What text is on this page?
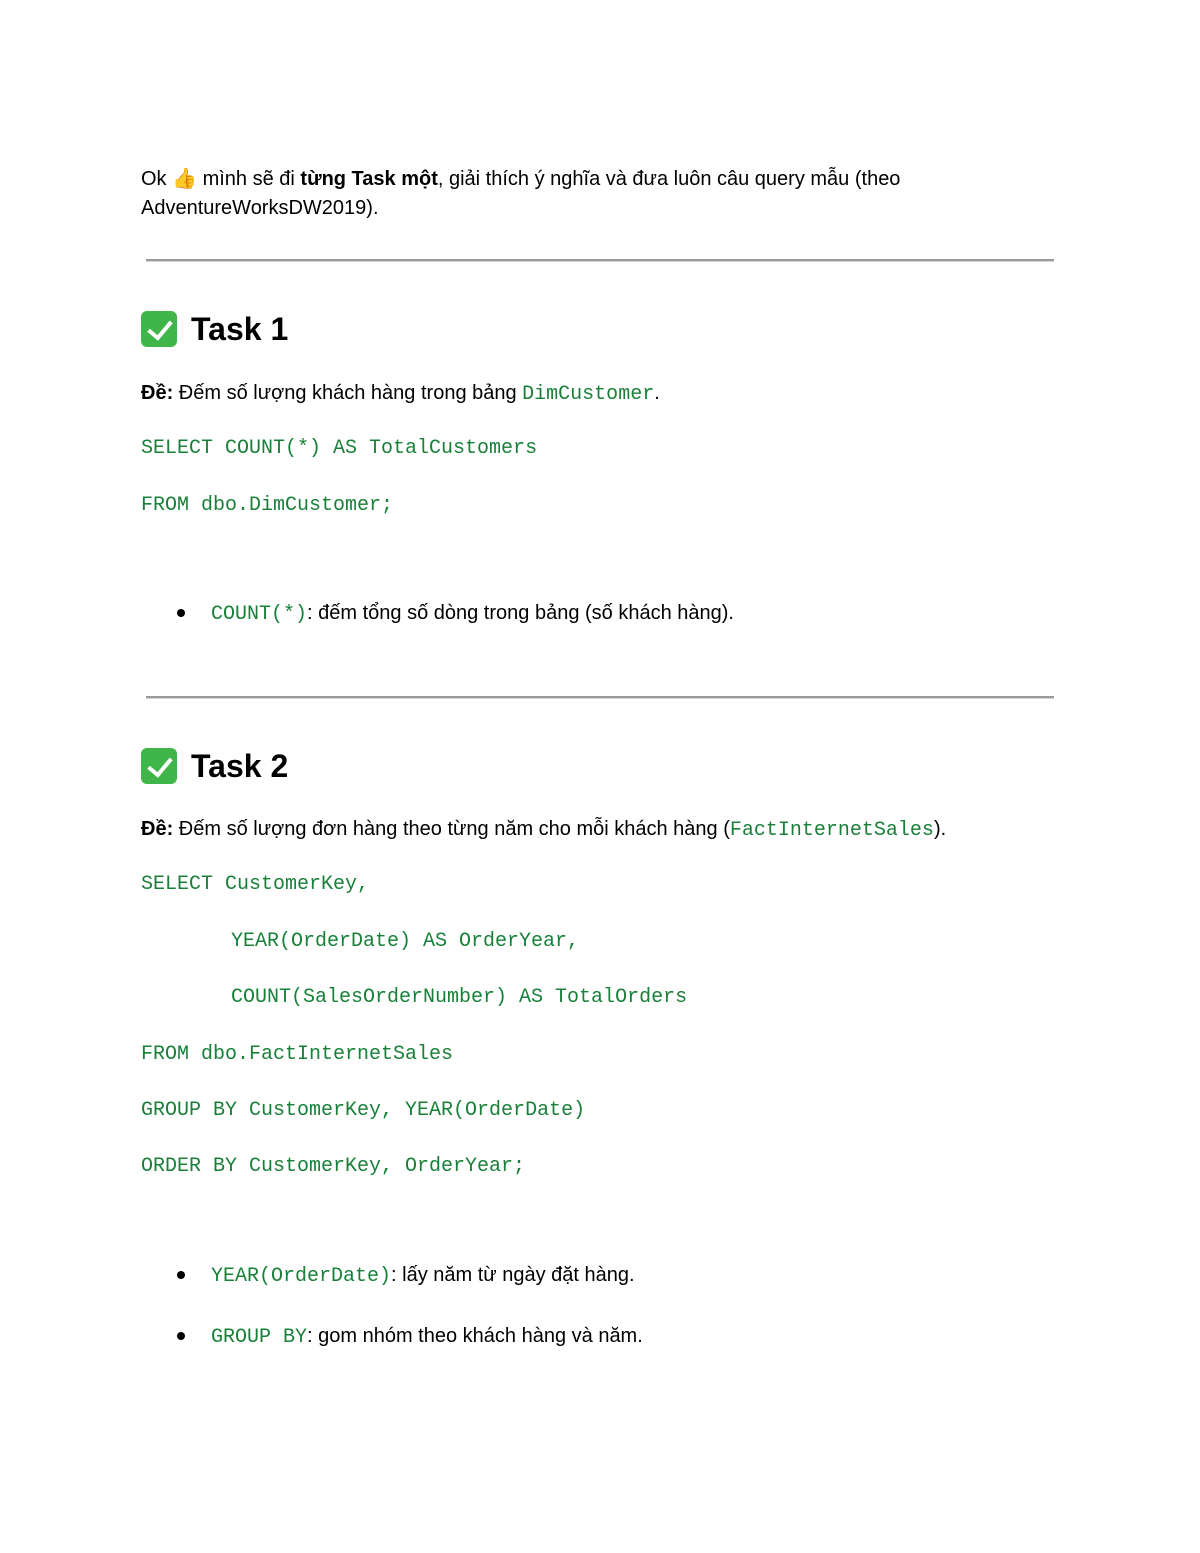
Ok 👍 mình sẽ đi từng Task một, giải thích ý nghĩa và đưa luôn câu query mẫu (theo
AdventureWorksDW2019).
Task 1
Đề: Đếm số lượng khách hàng trong bảng DimCustomer.
SELECT COUNT(*) AS TotalCustomers
FROM dbo.DimCustomer;
COUNT(*): đếm tổng số dòng trong bảng (số khách hàng).
Task 2
Đề: Đếm số lượng đơn hàng theo từng năm cho mỗi khách hàng (FactInternetSales).
SELECT CustomerKey,
YEAR(OrderDate) AS OrderYear,
COUNT(SalesOrderNumber) AS TotalOrders
FROM dbo.FactInternetSales
GROUP BY CustomerKey, YEAR(OrderDate)
ORDER BY CustomerKey, OrderYear;
YEAR(OrderDate): lấy năm từ ngày đặt hàng.
GROUP BY: gom nhóm theo khách hàng và năm.
